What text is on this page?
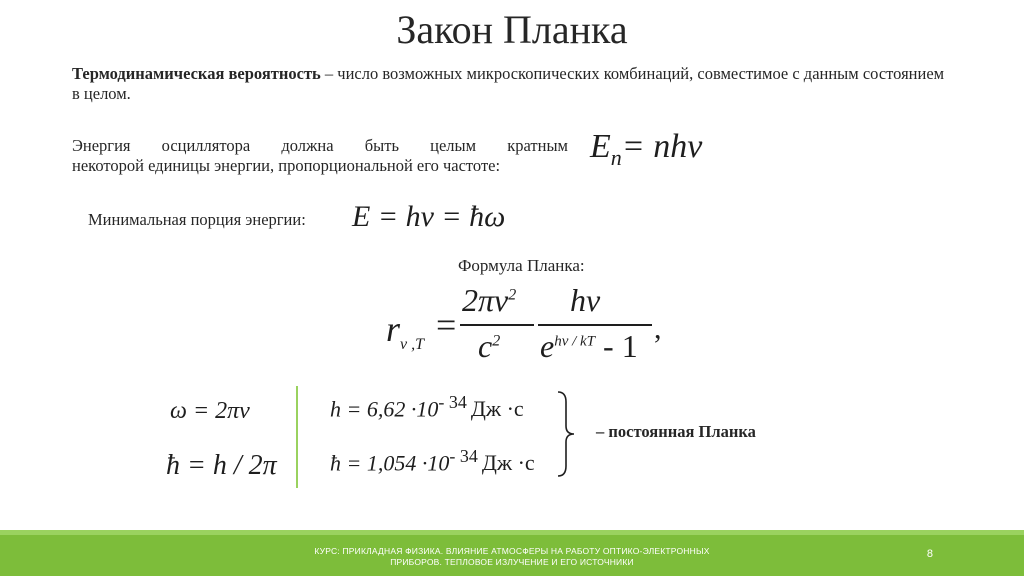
Закон Планка
Термодинамическая вероятность – число возможных микроскопических комбинаций, совместимое с данным состоянием в целом.
Энергия осциллятора должна быть целым кратным
некоторой единицы энергии, пропорциональной его частоте:
$E_n= nh\nu$
Минимальная порция энергии: E = hν = ħω
Формула Планка:
$r_{\nu ,T}$ =
$2\pi\nu^2$
$c^2$
hν
$e^{h\nu / kT} - 1$ ,
ω = 2πν
ħ = h / 2π
$h = 6,62 \cdot 10^{- 34}$ Дж ·с
ħ = $1,054 \cdot 10^{- 34}$ Дж ·с
– постоянная Планка
КУРС: ПРИКЛАДНАЯ ФИЗИКА. ВЛИЯНИЕ АТМОСФЕРЫ НА РАБОТУ ОПТИКО-ЭЛЕКТРОННЫХ
ПРИБОРОВ. ТЕПЛОВОЕ ИЗЛУЧЕНИЕ И ЕГО ИСТОЧНИКИ
8
